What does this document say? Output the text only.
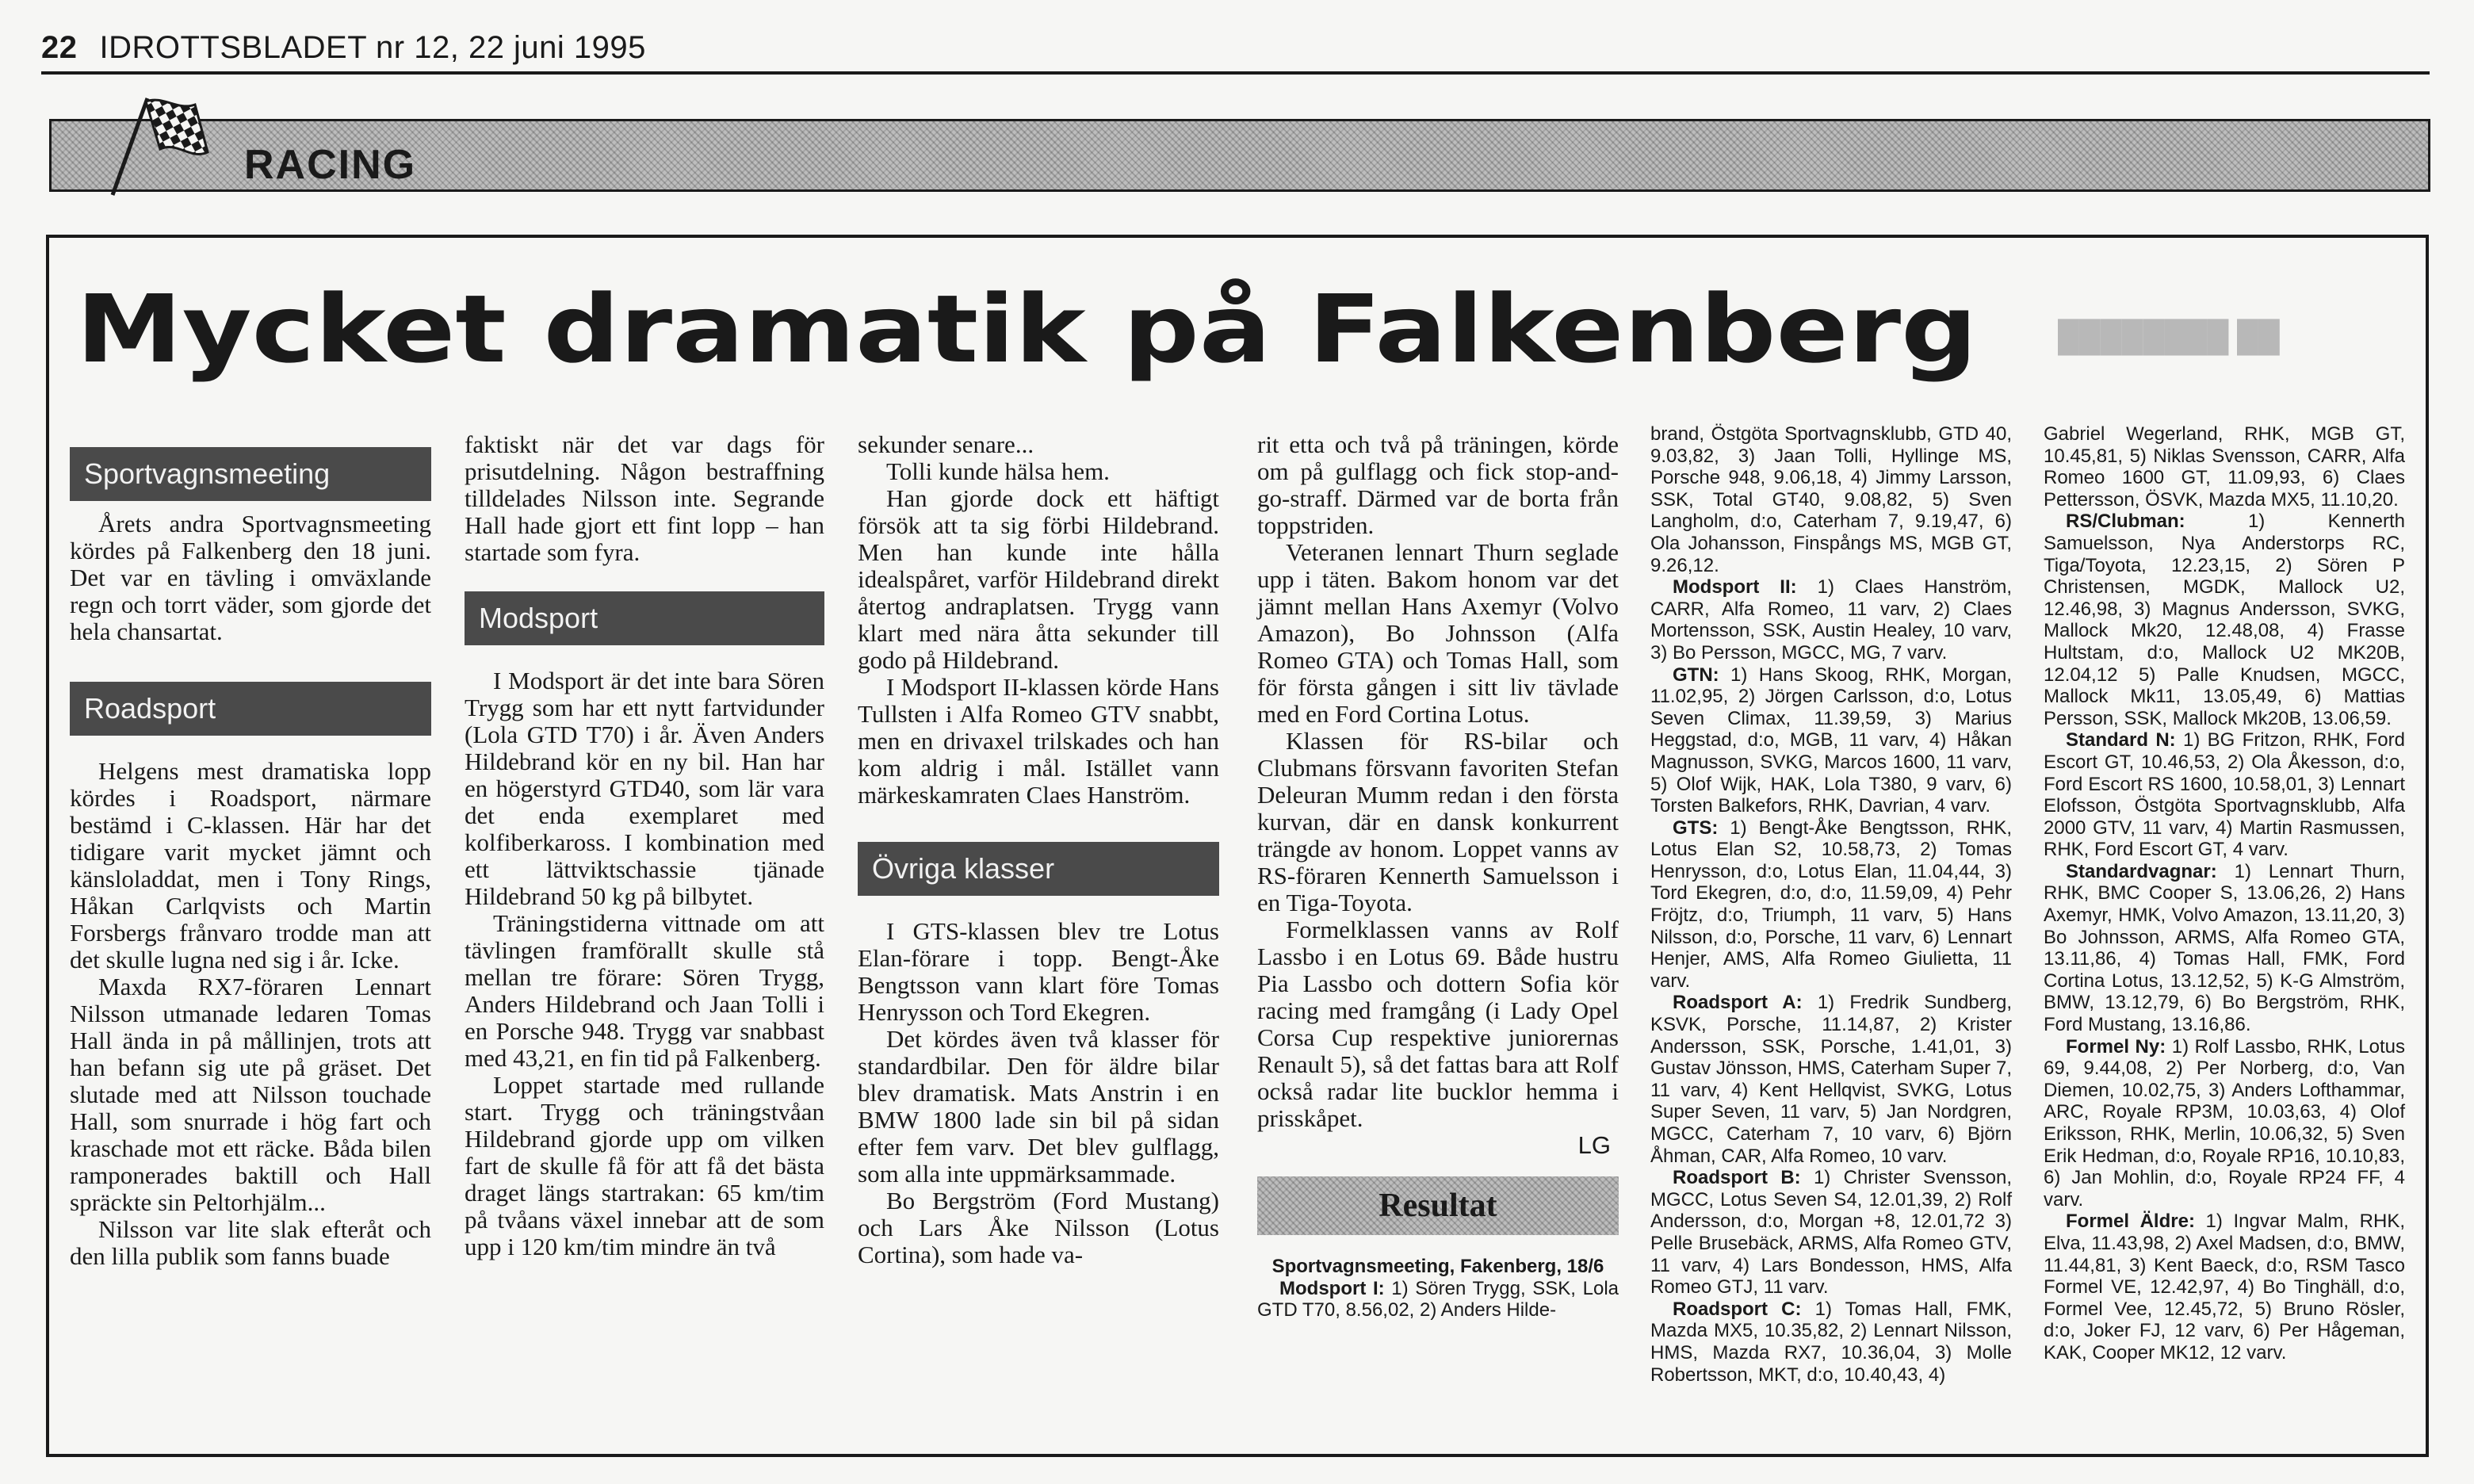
22 IDROTTSBLADET nr 12, 22 juni 1995
RACING
████████ ██
Mycket dramatik på Falkenberg
Sportvagnsmeeting

Årets andra Sportvagnsmeeting kördes på Falkenberg den 18 juni. Det var en tävling i omväxlande regn och torrt väder, som gjorde det hela chansartat.

Roadsport

Helgens mest dramatiska lopp kördes i Roadsport, närmare bestämd i C-klassen. Här har det tidigare varit mycket jämnt och känsloladdat, men i Tony Rings, Håkan Carlqvists och Martin Forsbergs frånvaro trodde man att det skulle lugna ned sig i år. Icke.

Maxda RX7-föraren Lennart Nilsson utmanade ledaren Tomas Hall ända in på mållinjen, trots att han befann sig ute på gräset. Det slutade med att Nilsson touchade Hall, som snurrade i hög fart och kraschade mot ett räcke. Båda bilen ramponerades baktill och Hall spräckte sin Peltorhjälm...

Nilsson var lite slak efteråt och den lilla publik som fanns buade

faktiskt när det var dags för prisutdelning. Någon bestraffning tilldelades Nilsson inte. Segrande Hall hade gjort ett fint lopp – han startade som fyra.

Modsport

I Modsport är det inte bara Sören Trygg som har ett nytt fartvidunder (Lola GTD T70) i år. Även Anders Hildebrand kör en ny bil. Han har en högerstyrd GTD40, som lär vara det enda exemplaret med kolfiberkaross. I kombination med ett lättviktschassie tjänade Hildebrand 50 kg på bilbytet.

Träningstiderna vittnade om att tävlingen framförallt skulle stå mellan tre förare: Sören Trygg, Anders Hildebrand och Jaan Tolli i en Porsche 948. Trygg var snabbast med 43,21, en fin tid på Falkenberg.

Loppet startade med rullande start. Trygg och träningstvåan Hildebrand gjorde upp om vilken fart de skulle få för att få det bästa draget längs startrakan: 65 km/tim på tvåans växel innebar att de som upp i 120 km/tim mindre än två

sekunder senare...

Tolli kunde hälsa hem.

Han gjorde dock ett häftigt försök att ta sig förbi Hildebrand. Men han kunde inte hålla idealspåret, varför Hildebrand direkt återtog andraplatsen. Trygg vann klart med nära åtta sekunder till godo på Hildebrand.

I Modsport II-klassen körde Hans Tullsten i Alfa Romeo GTV snabbt, men en drivaxel trilskades och han kom aldrig i mål. Istället vann märkeskamraten Claes Hanström.

Övriga klasser

I GTS-klassen blev tre Lotus Elan-förare i topp. Bengt-Åke Bengtsson vann klart före Tomas Henrysson och Tord Ekegren.

Det kördes även två klasser för standardbilar. Den för äldre bilar blev dramatisk. Mats Anstrin i en BMW 1800 lade sin bil på sidan efter fem varv. Det blev gulflagg, som alla inte uppmärksammade.

Bo Bergström (Ford Mustang) och Lars Åke Nilsson (Lotus Cortina), som hade va-

rit etta och två på träningen, körde om på gulflagg och fick stop-and-go-straff. Därmed var de borta från toppstriden.

Veteranen lennart Thurn seglade upp i täten. Bakom honom var det jämnt mellan Hans Axemyr (Volvo Amazon), Bo Johnsson (Alfa Romeo GTA) och Tomas Hall, som för första gången i sitt liv tävlade med en Ford Cortina Lotus.

Klassen för RS-bilar och Clubmans försvann favoriten Stefan Deleuran Mumm redan i den första kurvan, där en dansk konkurrent trängde av honom. Loppet vanns av RS-föraren Kennerth Samuelsson i en Tiga-Toyota.

Formelklassen vanns av Rolf Lassbo i en Lotus 69. Både hustru Pia Lassbo och dottern Sofia kör racing med framgång (i Lady Opel Corsa Cup respektive juniorernas Renault 5), så det fattas bara att Rolf också radar lite bucklor hemma i prisskåpet.

LG

Resultat

Sportvagnsmeeting, Fakenberg, 18/6

Modsport I: 1) Sören Trygg, SSK, Lola GTD T70, 8.56,02, 2) Anders Hilde-

brand, Östgöta Sportvagnsklubb, GTD 40, 9.03,82, 3) Jaan Tolli, Hyllinge MS, Porsche 948, 9.06,18, 4) Jimmy Larsson, SSK, Total GT40, 9.08,82, 5) Sven Langholm, d:o, Caterham 7, 9.19,47, 6) Ola Johansson, Finspångs MS, MGB GT, 9.26,12.

Modsport II: 1) Claes Hanström, CARR, Alfa Romeo, 11 varv, 2) Claes Mortensson, SSK, Austin Healey, 10 varv, 3) Bo Persson, MGCC, MG, 7 varv.

GTN: 1) Hans Skoog, RHK, Morgan, 11.02,95, 2) Jörgen Carlsson, d:o, Lotus Seven Climax, 11.39,59, 3) Marius Heggstad, d:o, MGB, 11 varv, 4) Håkan Magnusson, SVKG, Marcos 1600, 11 varv, 5) Olof Wijk, HAK, Lola T380, 9 varv, 6) Torsten Balkefors, RHK, Davrian, 4 varv.

GTS: 1) Bengt-Åke Bengtsson, RHK, Lotus Elan S2, 10.58,73, 2) Tomas Henrysson, d:o, Lotus Elan, 11.04,44, 3) Tord Ekegren, d:o, d:o, 11.59,09, 4) Pehr Fröjtz, d:o, Triumph, 11 varv, 5) Hans Nilsson, d:o, Porsche, 11 varv, 6) Lennart Henjer, AMS, Alfa Romeo Giulietta, 11 varv.

Roadsport A: 1) Fredrik Sundberg, KSVK, Porsche, 11.14,87, 2) Krister Andersson, SSK, Porsche, 1.41,01, 3) Gustav Jönsson, HMS, Caterham Super 7, 11 varv, 4) Kent Hellqvist, SVKG, Lotus Super Seven, 11 varv, 5) Jan Nordgren, MGCC, Caterham 7, 10 varv, 6) Björn Åhman, CAR, Alfa Romeo, 10 varv.

Roadsport B: 1) Christer Svensson, MGCC, Lotus Seven S4, 12.01,39, 2) Rolf Andersson, d:o, Morgan +8, 12.01,72 3) Pelle Brusebäck, ARMS, Alfa Romeo GTV, 11 varv, 4) Lars Bondesson, HMS, Alfa Romeo GTJ, 11 varv.

Roadsport C: 1) Tomas Hall, FMK, Mazda MX5, 10.35,82, 2) Lennart Nilsson, HMS, Mazda RX7, 10.36,04, 3) Molle Robertsson, MKT, d:o, 10.40,43, 4)

Gabriel Wegerland, RHK, MGB GT, 10.45,81, 5) Niklas Svensson, CARR, Alfa Romeo 1600 GT, 11.09,93, 6) Claes Pettersson, ÖSVK, Mazda MX5, 11.10,20.

RS/Clubman: 1) Kennerth Samuelsson, Nya Anderstorps RC, Tiga/Toyota, 12.23,15, 2) Sören P Christensen, MGDK, Mallock U2, 12.46,98, 3) Magnus Andersson, SVKG, Mallock Mk20, 12.48,08, 4) Frasse Hultstam, d:o, Mallock U2 MK20B, 12.04,12 5) Palle Knudsen, MGCC, Mallock Mk11, 13.05,49, 6) Mattias Persson, SSK, Mallock Mk20B, 13.06,59.

Standard N: 1) BG Fritzon, RHK, Ford Escort GT, 10.46,53, 2) Ola Åkesson, d:o, Ford Escort RS 1600, 10.58,01, 3) Lennart Elofsson, Östgöta Sportvagnsklubb, Alfa 2000 GTV, 11 varv, 4) Martin Rasmussen, RHK, Ford Escort GT, 4 varv.

Standardvagnar: 1) Lennart Thurn, RHK, BMC Cooper S, 13.06,26, 2) Hans Axemyr, HMK, Volvo Amazon, 13.11,20, 3) Bo Johnsson, ARMS, Alfa Romeo GTA, 13.11,86, 4) Tomas Hall, FMK, Ford Cortina Lotus, 13.12,52, 5) K-G Almström, BMW, 13.12,79, 6) Bo Bergström, RHK, Ford Mustang, 13.16,86.

Formel Ny: 1) Rolf Lassbo, RHK, Lotus 69, 9.44,08, 2) Per Norberg, d:o, Van Diemen, 10.02,75, 3) Anders Lofthammar, ARC, Royale RP3M, 10.03,63, 4) Olof Eriksson, RHK, Merlin, 10.06,32, 5) Sven Erik Hedman, d:o, Royale RP16, 10.10,83, 6) Jan Mohlin, d:o, Royale RP24 FF, 4 varv.

Formel Äldre: 1) Ingvar Malm, RHK, Elva, 11.43,98, 2) Axel Madsen, d:o, BMW, 11.44,81, 3) Kent Baeck, d:o, RSM Tasco Formel VE, 12.42,97, 4) Bo Tinghäll, d:o, Formel Vee, 12.45,72, 5) Bruno Rösler, d:o, Joker FJ, 12 varv, 6) Per Hågeman, KAK, Cooper MK12, 12 varv.
